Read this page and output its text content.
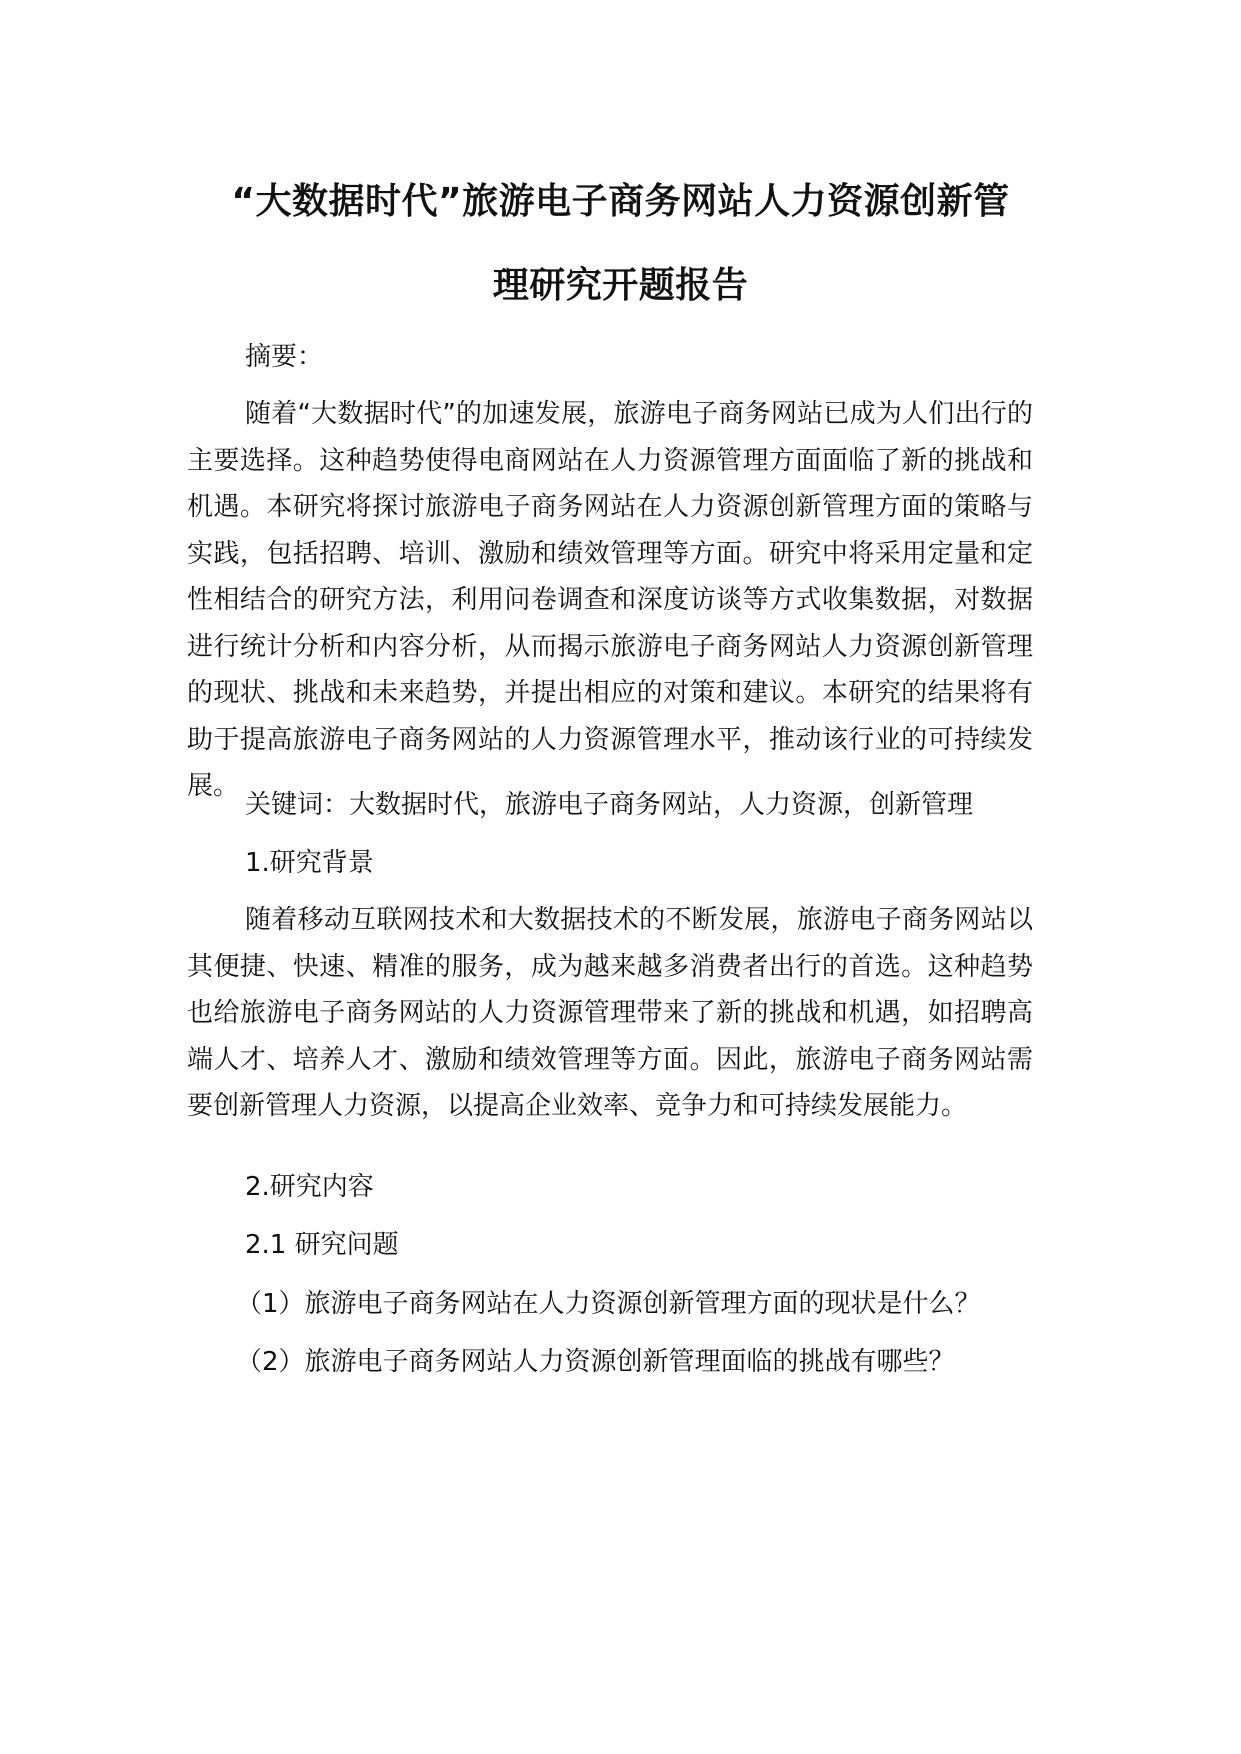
“大数据时代”旅游电子商务网站人力资源创新管
理研究开题报告

摘要：

随着“大数据时代”的加速发展，旅游电子商务网站已成为人们出行的主要选择。这种趋势使得电商网站在人力资源管理方面面临了新的挑战和机遇。本研究将探讨旅游电子商务网站在人力资源创新管理方面的策略与实践，包括招聘、培训、激励和绩效管理等方面。研究中将采用定量和定性相结合的研究方法，利用问卷调查和深度访谈等方式收集数据，对数据进行统计分析和内容分析，从而揭示旅游电子商务网站人力资源创新管理的现状、挑战和未来趋势，并提出相应的对策和建议。本研究的结果将有助于提高旅游电子商务网站的人力资源管理水平，推动该行业的可持续发展。

关键词：大数据时代，旅游电子商务网站，人力资源，创新管理

1.研究背景

随着移动互联网技术和大数据技术的不断发展，旅游电子商务网站以其便捷、快速、精准的服务，成为越来越多消费者出行的首选。这种趋势也给旅游电子商务网站的人力资源管理带来了新的挑战和机遇，如招聘高端人才、培养人才、激励和绩效管理等方面。因此，旅游电子商务网站需要创新管理人力资源，以提高企业效率、竞争力和可持续发展能力。

2.研究内容

2.1 研究问题

（1）旅游电子商务网站在人力资源创新管理方面的现状是什么？

（2）旅游电子商务网站人力资源创新管理面临的挑战有哪些？
